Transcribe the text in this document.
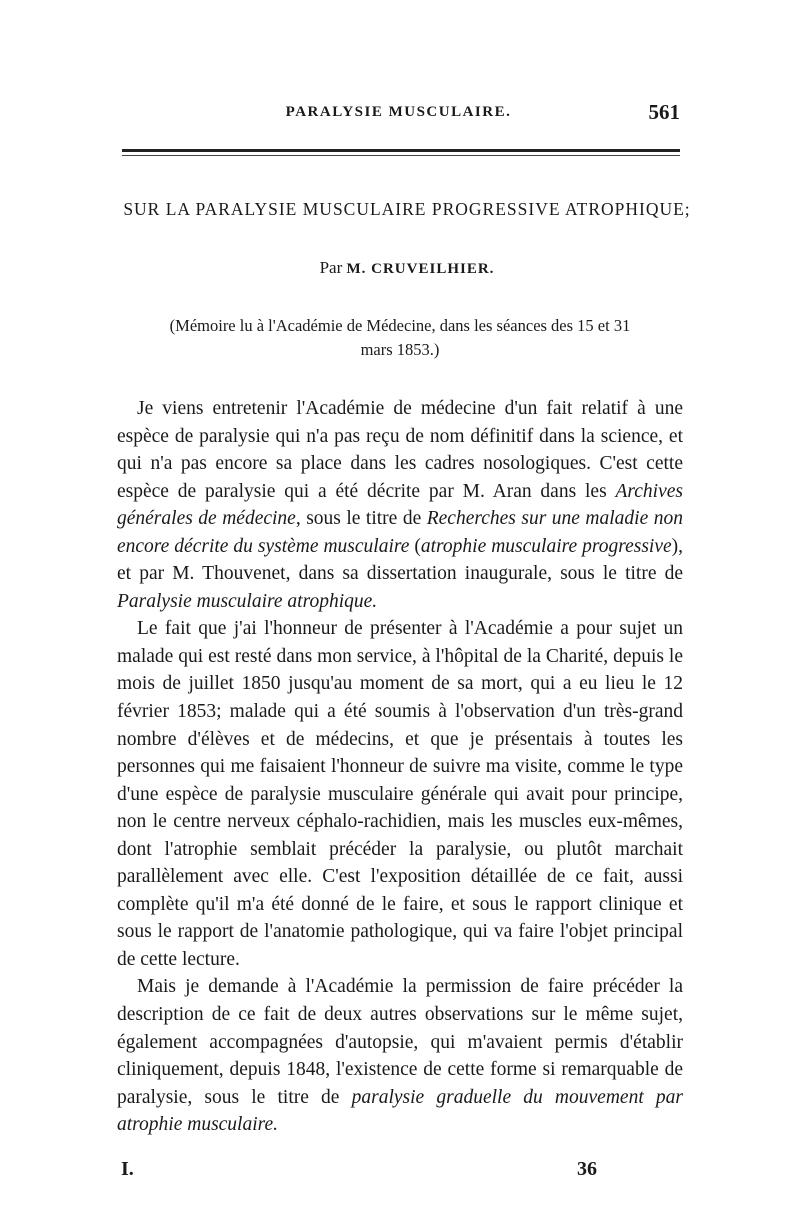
PARALYSIE MUSCULAIRE.	561
SUR LA PARALYSIE MUSCULAIRE PROGRESSIVE ATROPHIQUE;
Par M. CRUVEILHIER.
(Mémoire lu à l'Académie de Médecine, dans les séances des 15 et 31
mars 1853.)

Je viens entretenir l'Académie de médecine d'un fait relatif à une espèce de paralysie qui n'a pas reçu de nom définitif dans la science, et qui n'a pas encore sa place dans les cadres nosologiques. C'est cette espèce de paralysie qui a été décrite par M. Aran dans les Archives générales de médecine, sous le titre de Recherches sur une maladie non encore décrite du système musculaire (atrophie musculaire progressive), et par M. Thouvenet, dans sa dissertation inaugurale, sous le titre de Paralysie musculaire atrophique.

Le fait que j'ai l'honneur de présenter à l'Académie a pour sujet un malade qui est resté dans mon service, à l'hôpital de la Charité, depuis le mois de juillet 1850 jusqu'au moment de sa mort, qui a eu lieu le 12 février 1853; malade qui a été soumis à l'observation d'un très-grand nombre d'élèves et de médecins, et que je présentais à toutes les personnes qui me faisaient l'honneur de suivre ma visite, comme le type d'une espèce de paralysie musculaire générale qui avait pour principe, non le centre nerveux céphalo-rachidien, mais les muscles eux-mêmes, dont l'atrophie semblait précéder la paralysie, ou plutôt marchait parallèlement avec elle. C'est l'exposition détaillée de ce fait, aussi complète qu'il m'a été donné de le faire, et sous le rapport clinique et sous le rapport de l'anatomie pathologique, qui va faire l'objet principal de cette lecture.

Mais je demande à l'Académie la permission de faire précéder la description de ce fait de deux autres observations sur le même sujet, également accompagnées d'autopsie, qui m'avaient permis d'établir cliniquement, depuis 1848, l'existence de cette forme si remarquable de paralysie, sous le titre de paralysie graduelle du mouvement par atrophie musculaire.

I.	36
